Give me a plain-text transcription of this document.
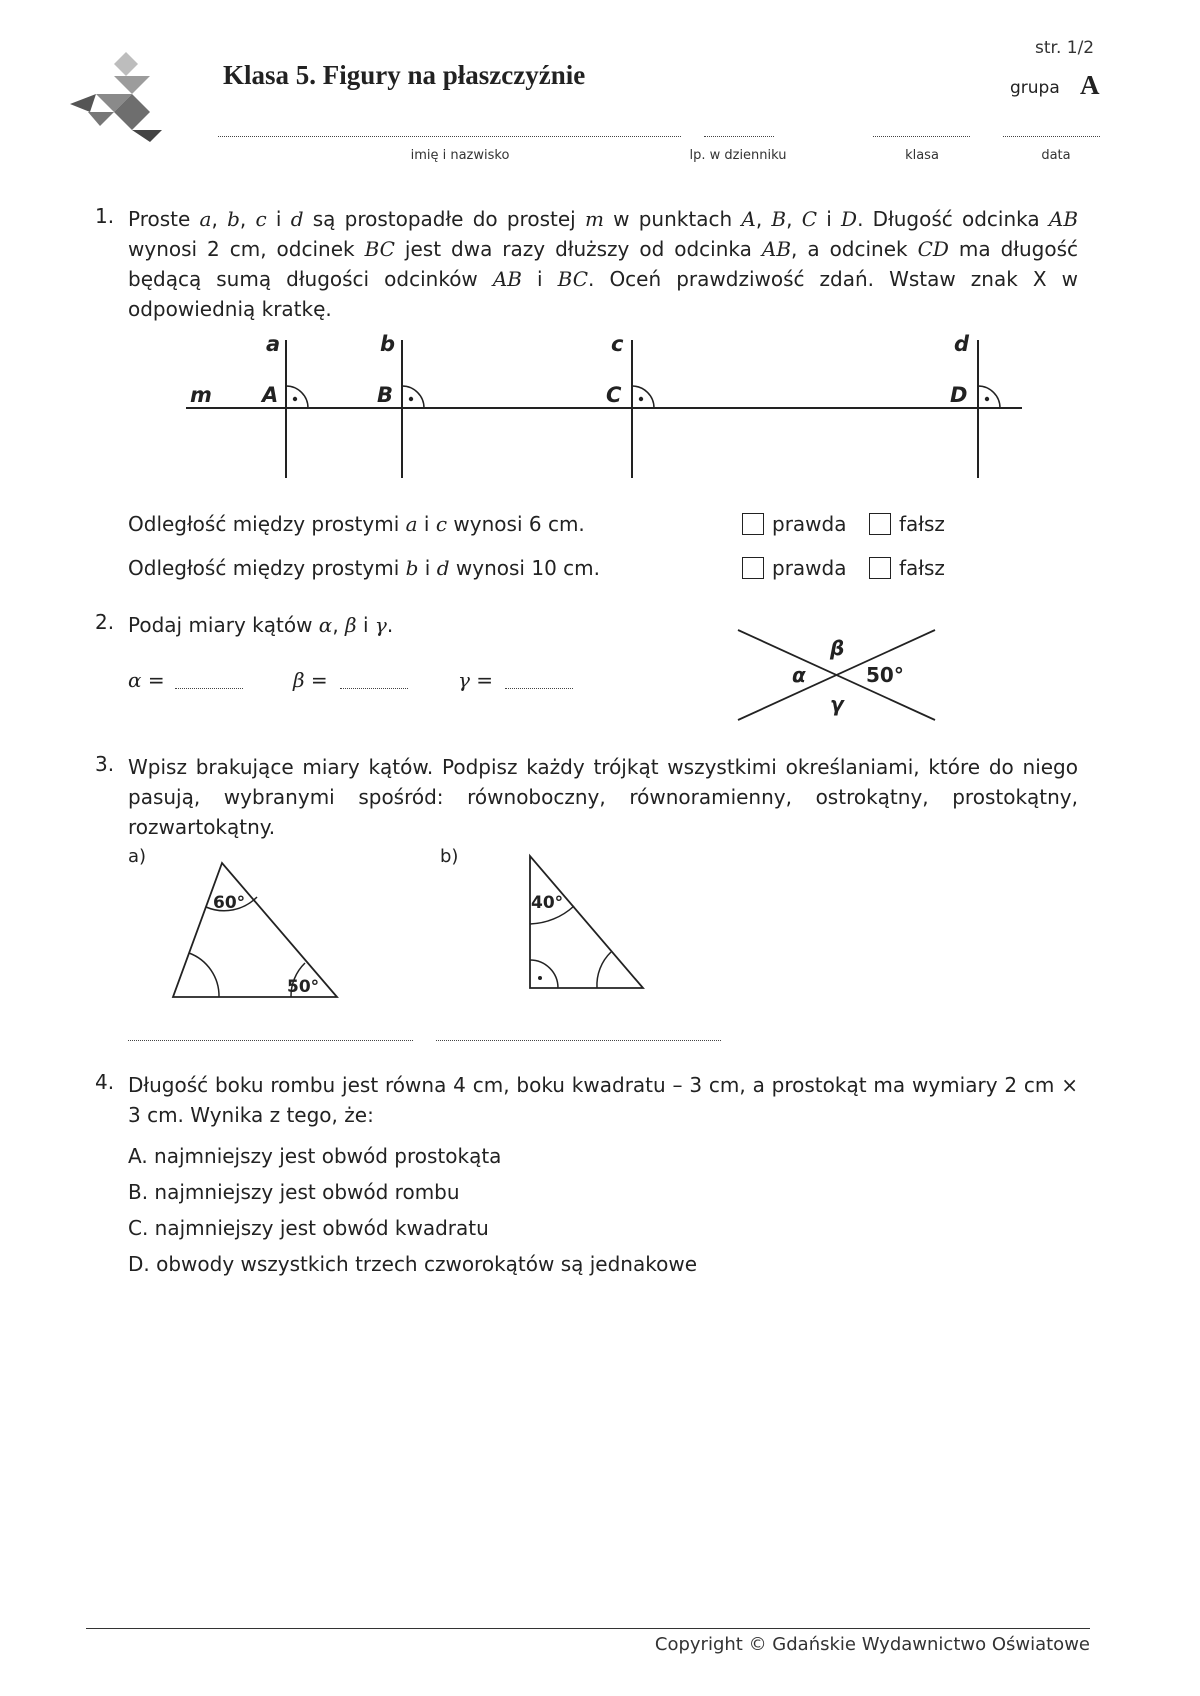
Klasa 5. Figury na płaszczyźnie
str. 1/2
grupa A
imię i nazwisko	lp. w dzienniku	klasa	data
1. Proste a, b, c i d są prostopadłe do prostej m w punktach A, B, C i D. Długość odcinka AB wynosi 2 cm, odcinek BC jest dwa razy dłuższy od odcinka AB, a odcinek CD ma długość będącą sumą długości odcinków AB i BC. Oceń prawdziwość zdań. Wstaw znak X w odpowiednią kratkę.
a	b	c	d
A	B	C	D
m
Odległość między prostymi a i c wynosi 6 cm.	prawda	fałsz
Odległość między prostymi b i d wynosi 10 cm.	prawda	fałsz
2. Podaj miary kątów α, β i γ.
α =	β =	γ =
β
α
γ
50°
3. Wpisz brakujące miary kątów. Podpisz każdy trójkąt wszystkimi określaniami, które do niego pasują, wybranymi spośród: równoboczny, równoramienny, ostrokątny, prostokątny, rozwartokątny.
a)	b)
60°
50°
40°
4. Długość boku rombu jest równa 4 cm, boku kwadratu – 3 cm, a prostokąt ma wymiary 2 cm × 3 cm. Wynika z tego, że:
A. najmniejszy jest obwód prostokąta
B. najmniejszy jest obwód rombu
C. najmniejszy jest obwód kwadratu
D. obwody wszystkich trzech czworokątów są jednakowe
Copyright © Gdańskie Wydawnictwo Oświatowe
